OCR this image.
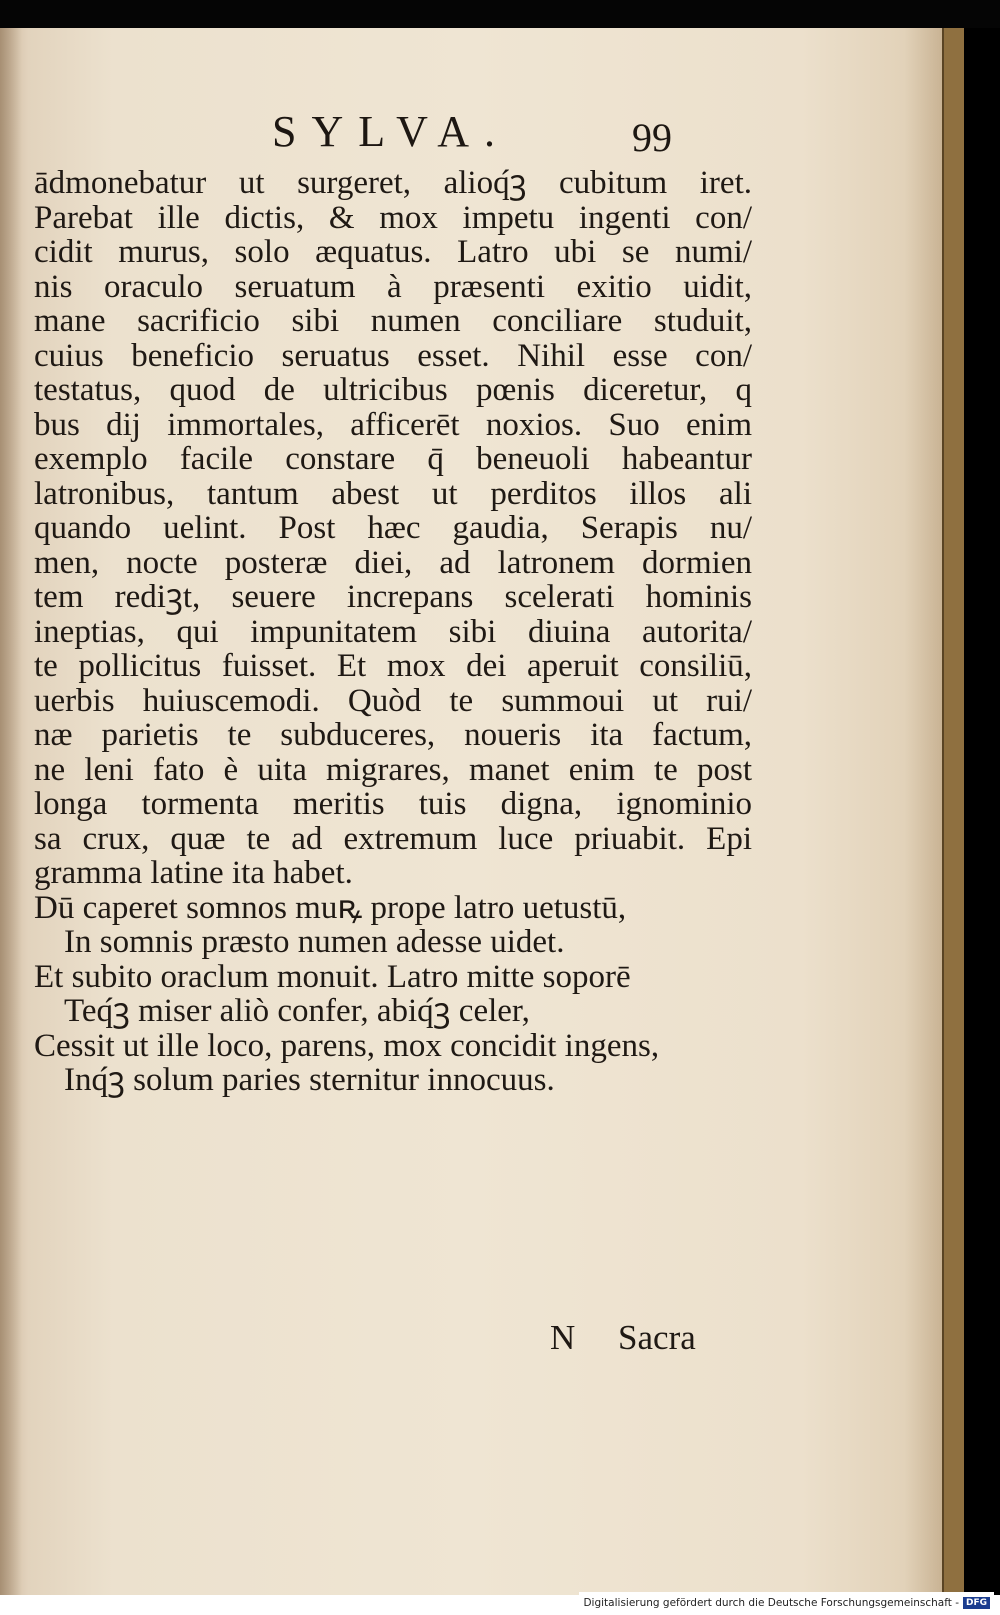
SYLVA.	99
ādmonebatur ut surgeret, alioq́ꝫ cubitum iret.
Parebat ille dictis, & mox impetu ingenti con/
cidit murus, solo æquatus. Latro ubi se numi/
nis oraculo seruatum à præsenti exitio uidit,
mane sacrificio sibi numen conciliare studuit,
cuius beneficio seruatus esset. Nihil esse con/
testatus, quod de ultricibus pœnis diceretur, q
bus dij immortales, afficerēt noxios. Suo enim
exemplo facile constare q̄ beneuoli habeantur
latronibus, tantum abest ut perditos illos ali
quando uelint. Post hæc gaudia, Serapis nu/
men, nocte posteræ diei, ad latronem dormien
tem rediꝫt, seuere increpans scelerati hominis
ineptias, qui impunitatem sibi diuina autorita/
te pollicitus fuisset. Et mox dei aperuit consiliū,
uerbis huiuscemodi. Quòd te summoui ut rui/
næ parietis te subduceres, noueris ita factum,
ne leni fato è uita migrares, manet enim te post
longa tormenta meritis tuis digna, ignominio
sa crux, quæ te ad extremum luce priuabit. Epi
gramma latine ita habet.
Dū caperet somnos muꝶ prope latro uetustū,
In somnis præsto numen adesse uidet.
Et subito oraclum monuit. Latro mitte soporē
Teq́ꝫ miser aliò confer, abiq́ꝫ celer,
Cessit ut ille loco, parens, mox concidit ingens,
Inq́ꝫ solum paries sternitur innocuus.
N Sacra
Digitalisierung gefördert durch die Deutsche Forschungsgemeinschaft - DFG
